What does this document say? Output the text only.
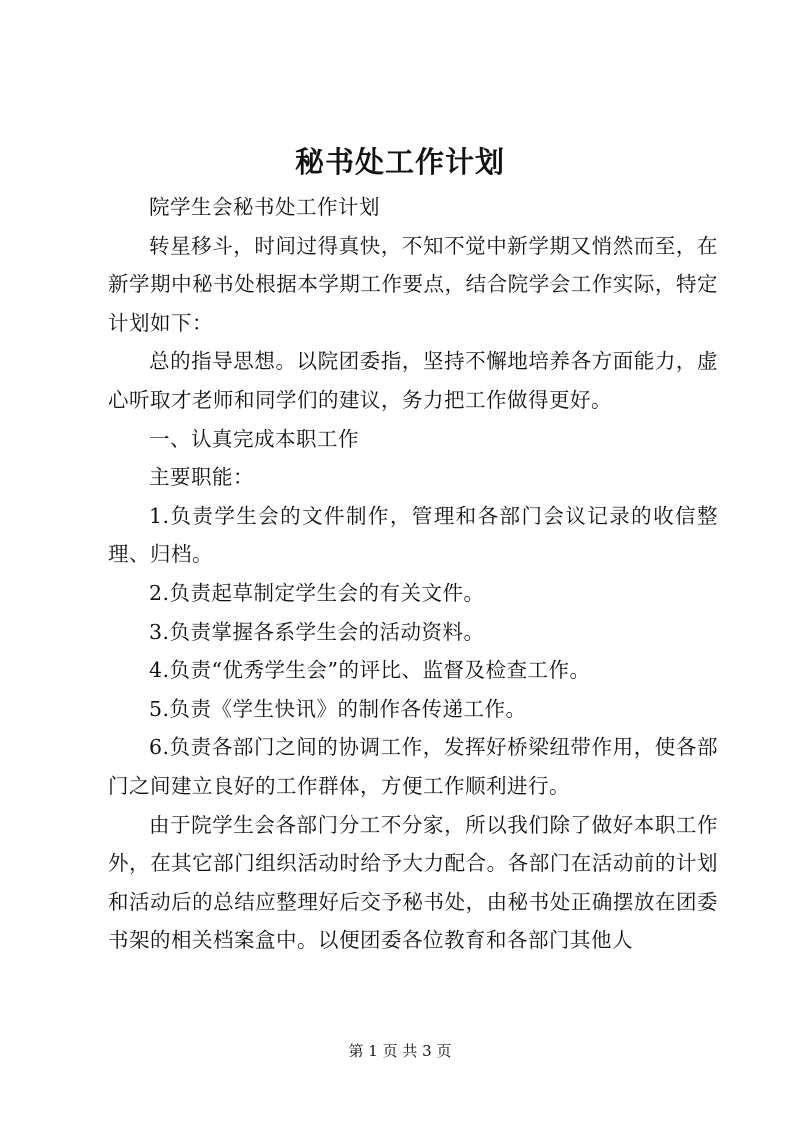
秘书处工作计划

院学生会秘书处工作计划

转星移斗，时间过得真快，不知不觉中新学期又悄然而至，在新学期中秘书处根据本学期工作要点，结合院学会工作实际，特定计划如下：

总的指导思想。以院团委指，坚持不懈地培养各方面能力，虚心听取才老师和同学们的建议，务力把工作做得更好。

一、认真完成本职工作

主要职能：

1.负责学生会的文件制作，管理和各部门会议记录的收信整理、归档。

2.负责起草制定学生会的有关文件。

3.负责掌握各系学生会的活动资料。

4.负责“优秀学生会”的评比、监督及检查工作。

5.负责《学生快讯》的制作各传递工作。

6.负责各部门之间的协调工作，发挥好桥梁纽带作用，使各部门之间建立良好的工作群体，方便工作顺利进行。

由于院学生会各部门分工不分家，所以我们除了做好本职工作外，在其它部门组织活动时给予大力配合。各部门在活动前的计划和活动后的总结应整理好后交予秘书处，由秘书处正确摆放在团委书架的相关档案盒中。以便团委各位教育和各部门其他人

第 1 页 共 3 页
